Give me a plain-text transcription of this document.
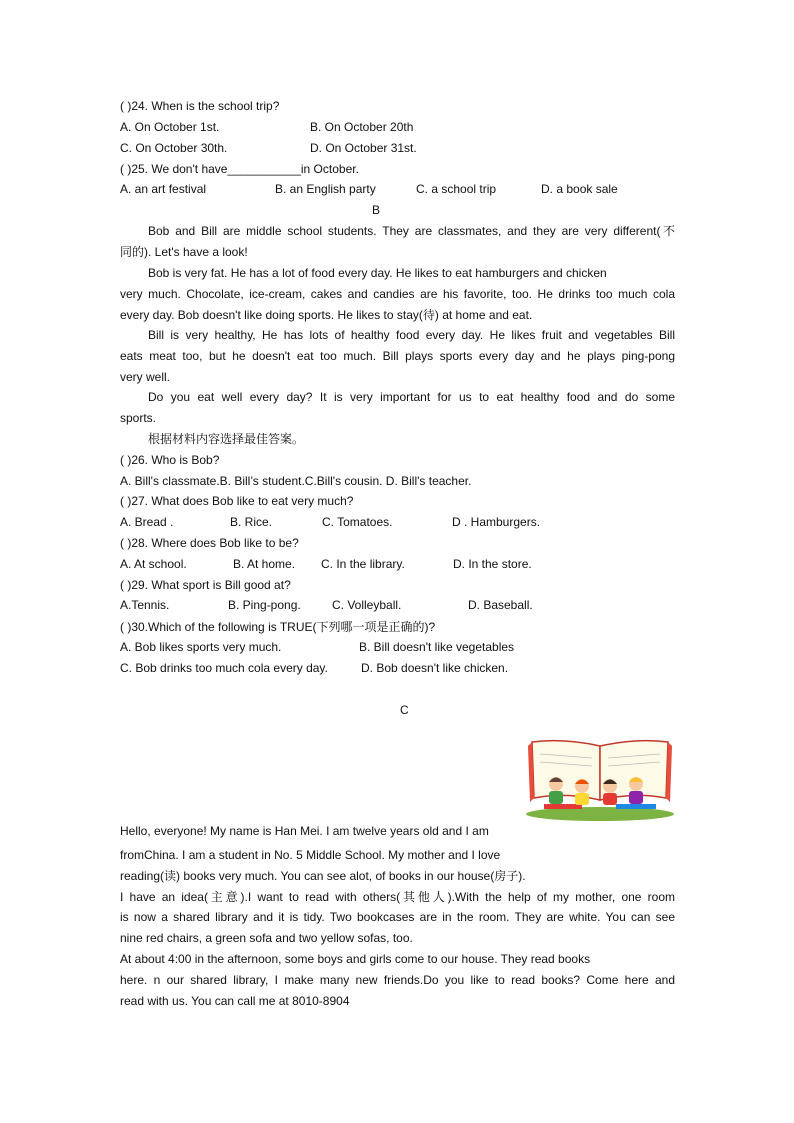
( )24. When is the school trip?
A. On October 1st.	B. On October 20th
C. On October 30th.	D. On October 31st.
( )25. We don't have___________in October.
A. an art festival	B. an English party	C. a school trip	D. a book sale
B
Bob and Bill are middle school students. They are classmates, and they are very different(不
同的). Let's have a look!
Bob is very fat. He has a lot of food every day. He likes to eat hamburgers and chicken
very much. Chocolate, ice-cream, cakes and candies are his favorite, too. He drinks too much cola
every day. Bob doesn't like doing sports. He likes to stay(待) at home and eat.
Bill is very healthy, He has lots of healthy food every day. He likes fruit and vegetables Bill
eats meat too, but he doesn't eat too much. Bill plays sports every day and he plays ping-pong
very well.
Do you eat well every day? It is very important for us to eat healthy food and do some
sports.
根据材料内容选择最佳答案。
( )26. Who is Bob?
A. Bill's classmate.B. Bill’s student.C.Bill's cousin. D. Bill's teacher.
( )27. What does Bob like to eat very much?
A. Bread .	B. Rice.	C. Tomatoes.	D . Hamburgers.
( )28. Where does Bob like to be?
A. At school.	B. At home. C. In the library.	D. In the store.
( )29. What sport is Bill good at?
A.Tennis.	B. Ping-pong.	C. Volleyball.	D. Baseball.
( )30.Which of the following is TRUE(下列哪一项是正确的)?
A. Bob likes sports very much.	B. Bill doesn't like vegetables
C. Bob drinks too much cola every day.	D. Bob doesn't like chicken.
C
Hello, everyone! My name is Han Mei. I am twelve years old and I am
fromChina. I am a student in No. 5 Middle School. My mother and I love
reading(读) books very much. You can see alot, of books in our house(房子).
I have an idea(主意).I want to read with others(其他人).With the help of my mother, one room
is now a shared library and it is tidy. Two bookcases are in the room. They are white. You can see
nine red chairs, a green sofa and two yellow sofas, too.
At about 4:00 in the afternoon, some boys and girls come to our house. They read books
here. n our shared library, I make many new friends.Do you like to read books? Come here and
read with us. You can call me at 8010-8904
